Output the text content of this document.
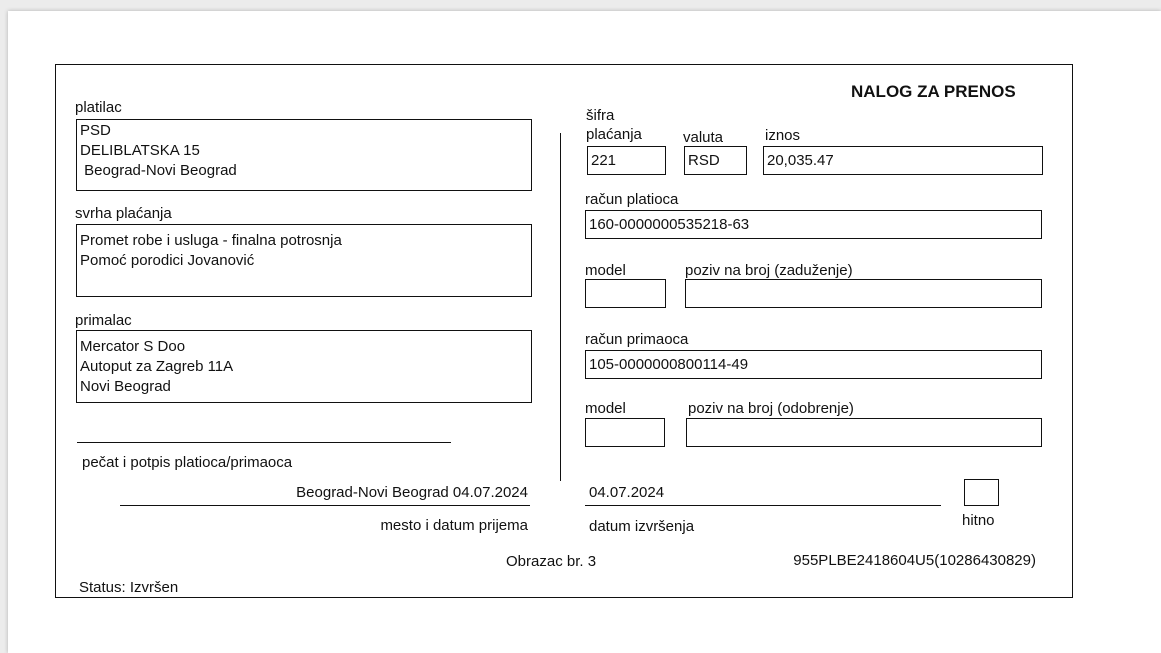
NALOG ZA PRENOS
platilac
PSD
DELIBLATSKA 15
Beograd-Novi Beograd
svrha plaćanja
Promet robe i usluga - finalna potrosnja
Pomoć porodici Jovanović
primalac
Mercator S Doo
Autoput za Zagreb 11A
Novi Beograd
pečat i potpis platioca/primaoca
Beograd-Novi Beograd 04.07.2024
mesto i datum prijema
šifra
plaćanja
221
valuta
RSD
iznos
20,035.47
račun platioca
160-0000000535218-63
model	poziv na broj (zaduženje)
račun primaoca
105-0000000800114-49
model	poziv na broj (odobrenje)
04.07.2024
datum izvršenja	hitno
Obrazac br. 3	955PLBE2418604U5(10286430829)
Status: Izvršen
